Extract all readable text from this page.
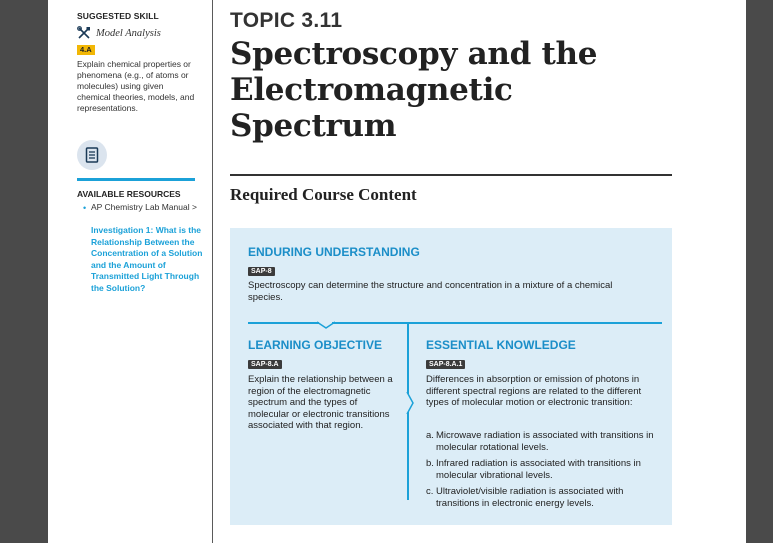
SUGGESTED SKILL
Model Analysis
4.A
Explain chemical properties or phenomena (e.g., of atoms or molecules) using given chemical theories, models, and representations.
AVAILABLE RESOURCES
• AP Chemistry Lab Manual >
Investigation 1: What is the Relationship Between the Concentration of a Solution and the Amount of Transmitted Light Through the Solution?
TOPIC 3.11
Spectroscopy and the Electromagnetic Spectrum
Required Course Content
ENDURING UNDERSTANDING
SAP-8
Spectroscopy can determine the structure and concentration in a mixture of a chemical species.
LEARNING OBJECTIVE
SAP-8.A
Explain the relationship between a region of the electromagnetic spectrum and the types of molecular or electronic transitions associated with that region.
ESSENTIAL KNOWLEDGE
SAP-8.A.1
Differences in absorption or emission of photons in different spectral regions are related to the different types of molecular motion or electronic transition:
a. Microwave radiation is associated with transitions in molecular rotational levels.
b. Infrared radiation is associated with transitions in molecular vibrational levels.
c. Ultraviolet/visible radiation is associated with transitions in electronic energy levels.
